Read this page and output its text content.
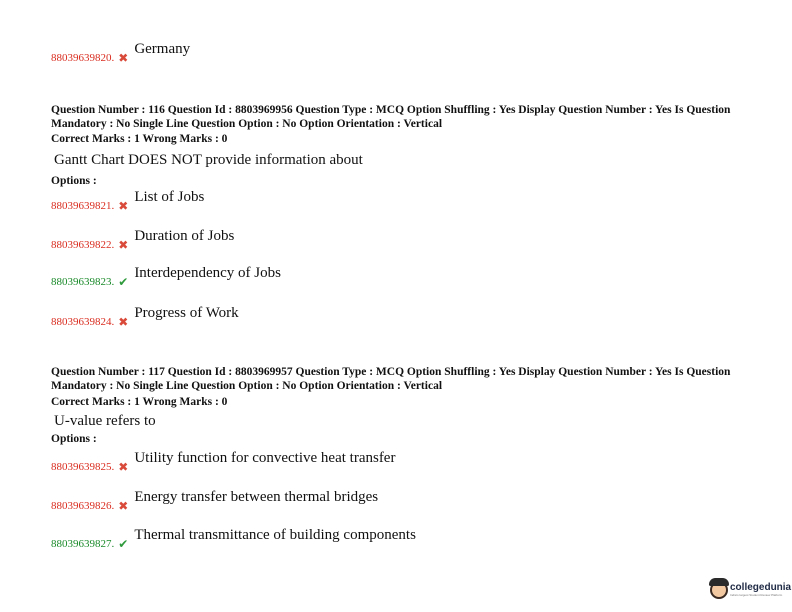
88039639820. ✖
Germany
Question Number : 116 Question Id : 8803969956 Question Type : MCQ Option Shuffling : Yes Display Question Number : Yes Is Question Mandatory : No Single Line Question Option : No Option Orientation : Vertical
Correct Marks : 1 Wrong Marks : 0
Gantt Chart DOES NOT provide information about
Options :
88039639821. ✖
List of Jobs
88039639822. ✖
Duration of Jobs
88039639823. ✔
Interdependency of Jobs
88039639824. ✖
Progress of Work
Question Number : 117 Question Id : 8803969957 Question Type : MCQ Option Shuffling : Yes Display Question Number : Yes Is Question Mandatory : No Single Line Question Option : No Option Orientation : Vertical
Correct Marks : 1 Wrong Marks : 0
U-value refers to
Options :
88039639825. ✖
Utility function for convective heat transfer
88039639826. ✖
Energy transfer between thermal bridges
88039639827. ✔
Thermal transmittance of building components
collegedunia
India's largest Student Review Platform
